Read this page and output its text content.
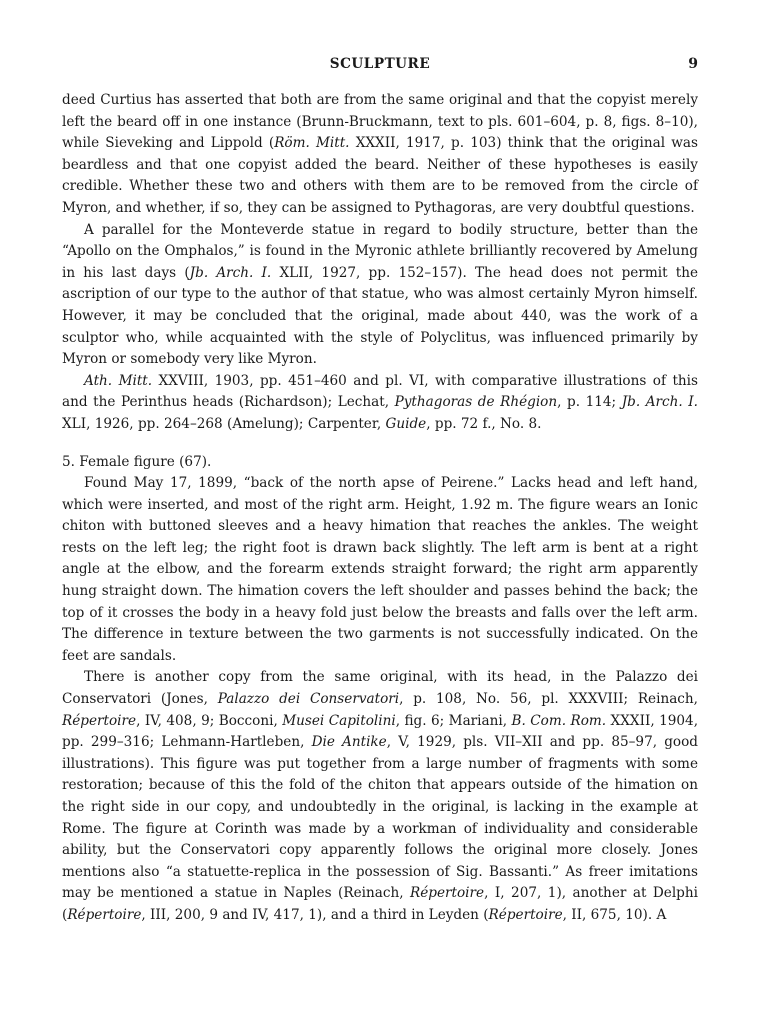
SCULPTURE	9

deed Curtius has asserted that both are from the same original and that the copyist merely left the beard off in one instance (Brunn-Bruckmann, text to pls. 601–604, p. 8, figs. 8–10), while Sieveking and Lippold (Röm. Mitt. XXXII, 1917, p. 103) think that the original was beardless and that one copyist added the beard. Neither of these hypotheses is easily credible. Whether these two and others with them are to be removed from the circle of Myron, and whether, if so, they can be assigned to Pythagoras, are very doubtful questions.

A parallel for the Monteverde statue in regard to bodily structure, better than the “Apollo on the Omphalos,” is found in the Myronic athlete brilliantly recovered by Amelung in his last days (Jb. Arch. I. XLII, 1927, pp. 152–157). The head does not permit the ascription of our type to the author of that statue, who was almost certainly Myron himself. However, it may be concluded that the original, made about 440, was the work of a sculptor who, while acquainted with the style of Polyclitus, was influenced primarily by Myron or somebody very like Myron.

Ath. Mitt. XXVIII, 1903, pp. 451–460 and pl. VI, with comparative illustrations of this and the Perinthus heads (Richardson); Lechat, Pythagoras de Rhégion, p. 114; Jb. Arch. I. XLI, 1926, pp. 264–268 (Amelung); Carpenter, Guide, pp. 72 f., No. 8.

5. Female figure (67).

Found May 17, 1899, “back of the north apse of Peirene.” Lacks head and left hand, which were inserted, and most of the right arm. Height, 1.92 m. The figure wears an Ionic chiton with buttoned sleeves and a heavy himation that reaches the ankles. The weight rests on the left leg; the right foot is drawn back slightly. The left arm is bent at a right angle at the elbow, and the forearm extends straight forward; the right arm apparently hung straight down. The himation covers the left shoulder and passes behind the back; the top of it crosses the body in a heavy fold just below the breasts and falls over the left arm. The difference in texture between the two garments is not successfully indicated. On the feet are sandals.

There is another copy from the same original, with its head, in the Palazzo dei Conservatori (Jones, Palazzo dei Conservatori, p. 108, No. 56, pl. XXXVIII; Reinach, Répertoire, IV, 408, 9; Bocconi, Musei Capitolini, fig. 6; Mariani, B. Com. Rom. XXXII, 1904, pp. 299–316; Lehmann-Hartleben, Die Antike, V, 1929, pls. VII–XII and pp. 85–97, good illustrations). This figure was put together from a large number of fragments with some restoration; because of this the fold of the chiton that appears outside of the himation on the right side in our copy, and undoubtedly in the original, is lacking in the example at Rome. The figure at Corinth was made by a workman of individuality and considerable ability, but the Conservatori copy apparently follows the original more closely. Jones mentions also “a statuette-replica in the possession of Sig. Bassanti.” As freer imitations may be mentioned a statue in Naples (Reinach, Répertoire, I, 207, 1), another at Delphi (Répertoire, III, 200, 9 and IV, 417, 1), and a third in Leyden (Répertoire, II, 675, 10). A
